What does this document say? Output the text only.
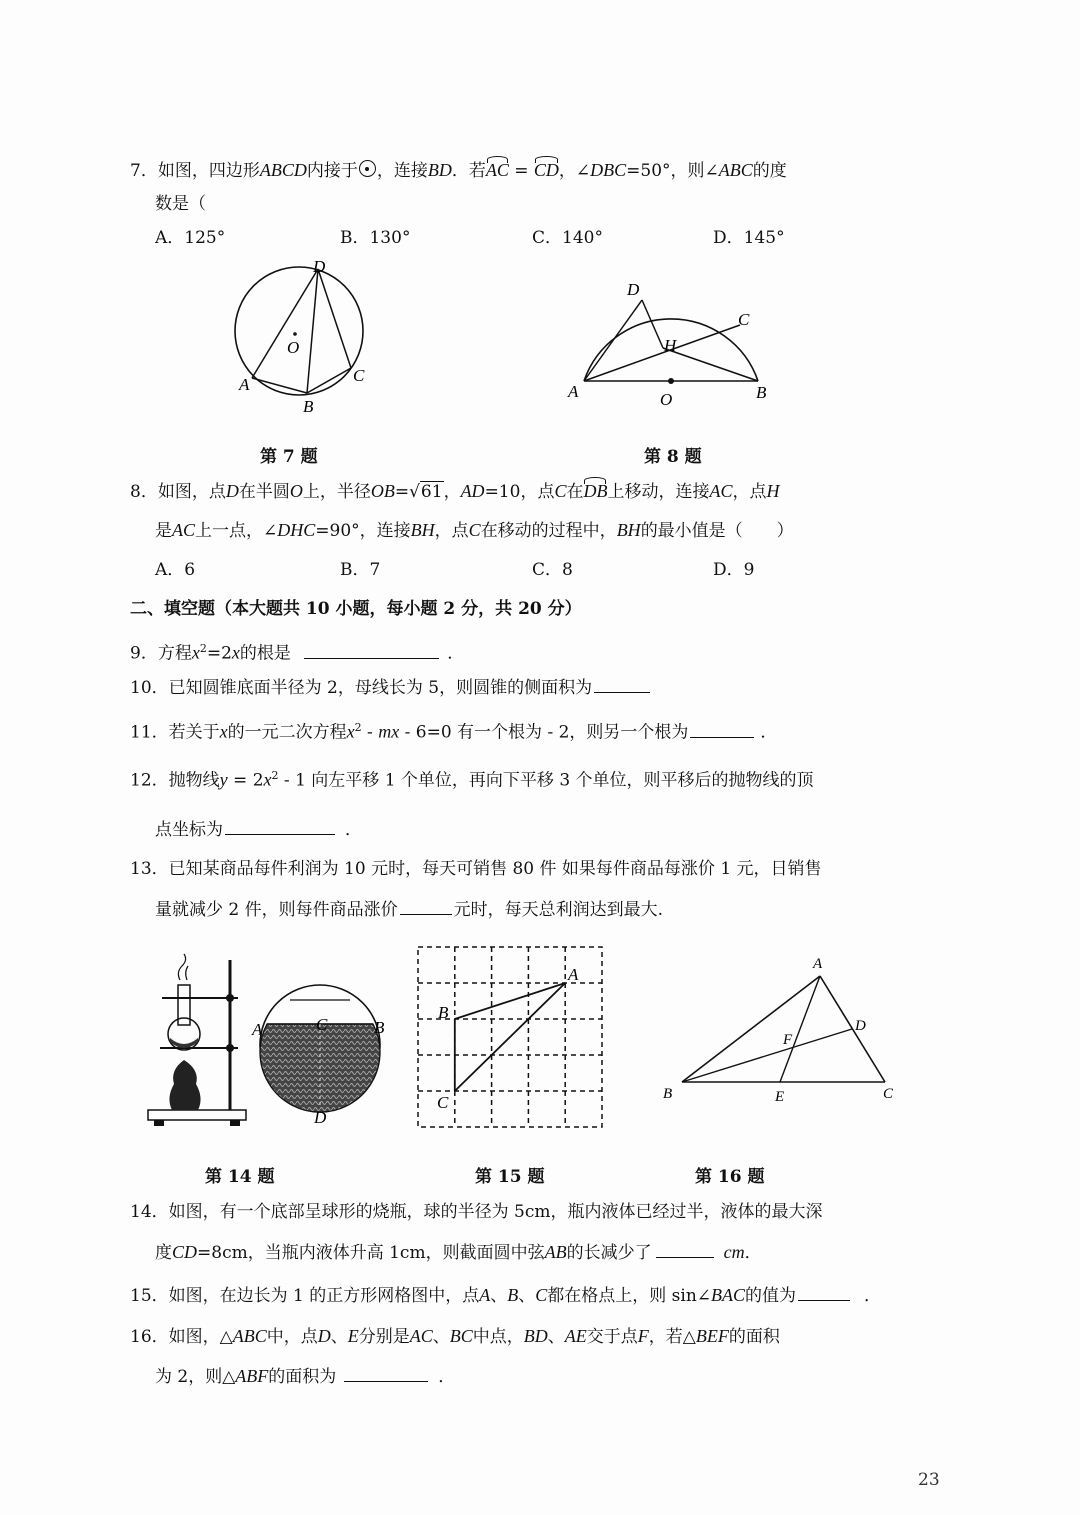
7．如图，四边形ABCD内接于 ，连接BD．若AC = CD，∠DBC=50°，则∠ABC的度
数是（
A．125°	B．130°	C．140°	D．145°
D
O
A
B
C
第 7 题
D
C
H
A	O	B
第 8 题
8．如图，点D在半圆O上，半径OB=√61，AD=10，点C在DB上移动，连接AC，点H
是AC上一点，∠DHC=90°，连接BH，点C在移动的过程中，BH的最小值是（　　）
A．6	B．7	C．8	D．9
二、填空题（本大题共 10 小题，每小题 2 分，共 20 分）
9．方程$x^2=2x$的根是	．
10．已知圆锥底面半径为 2，母线长为 5，则圆锥的侧面积为
11．若关于x的一元二次方程$x^2$ - mx - 6=0 有一个根为 - 2，则另一个根为	．
12．抛物线$y = 2x^2 - 1$ 向左平移 1 个单位，再向下平移 3 个单位，则平移后的抛物线的顶
点坐标为	．
13．已知某商品每件利润为 10 元时，每天可销售 80 件 如果每件商品每涨价 1 元，日销售
量就减少 2 件，则每件商品涨价	元时，每天总利润达到最大.
A	C	B
D
第 14 题
A
B
C
第 15 题
A
B	C
D
E
F
第 16 题
14．如图，有一个底部呈球形的烧瓶，球的半径为 5cm，瓶内液体已经过半，液体的最大深
度CD=8cm，当瓶内液体升高 1cm，则截面圆中弦AB的长减少了	cm．
15．如图，在边长为 1 的正方形网格图中，点A、B、C都在格点上，则 sin∠BAC的值为	．
16．如图，△ABC中，点D、E分别是AC、BC中点，BD、AE交于点F，若△BEF的面积
为 2，则△ABF的面积为	．
23
